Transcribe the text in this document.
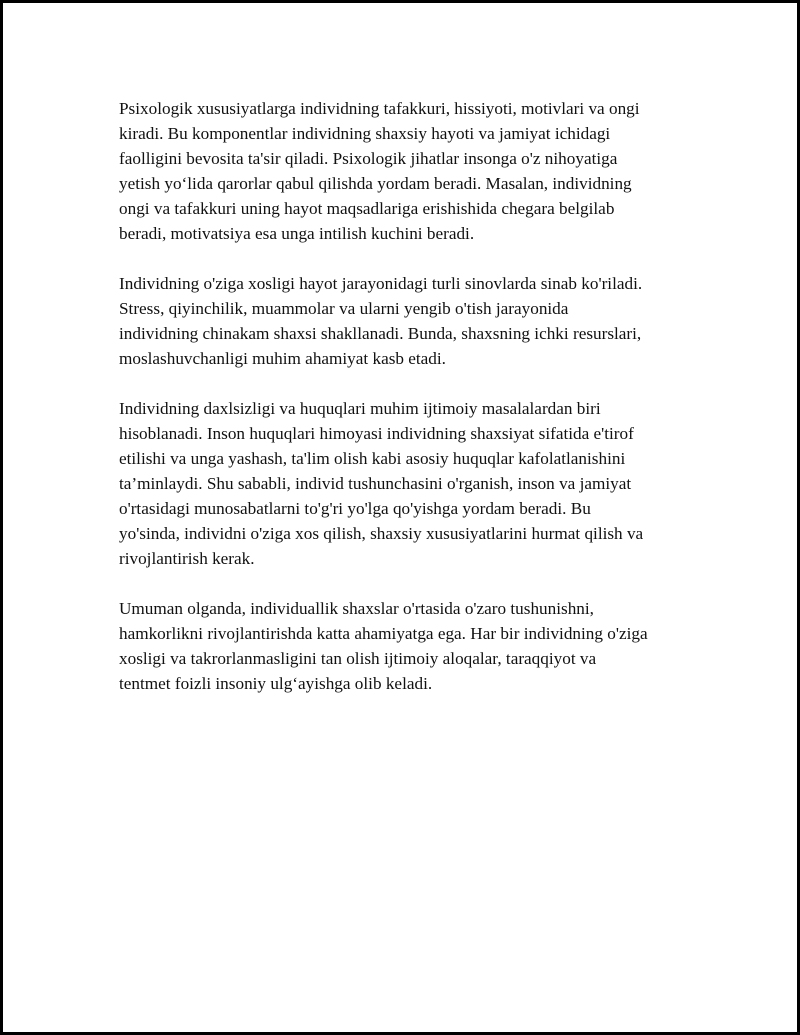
Psixologik xususiyatlarga individning tafakkuri, hissiyoti, motivlari va ongi
kiradi. Bu komponentlar individning shaxsiy hayoti va jamiyat ichidagi
faolligini bevosita ta'sir qiladi. Psixologik jihatlar insonga o'z nihoyatiga
yetish yo‘lida qarorlar qabul qilishda yordam beradi. Masalan, individning
ongi va tafakkuri uning hayot maqsadlariga erishishida chegara belgilab
beradi, motivatsiya esa unga intilish kuchini beradi.

Individning o'ziga xosligi hayot jarayonidagi turli sinovlarda sinab ko'riladi.
Stress, qiyinchilik, muammolar va ularni yengib o'tish jarayonida
individning chinakam shaxsi shakllanadi. Bunda, shaxsning ichki resurslari,
moslashuvchanligi muhim ahamiyat kasb etadi.

Individning daxlsizligi va huquqlari muhim ijtimoiy masalalardan biri
hisoblanadi. Inson huquqlari himoyasi individning shaxsiyat sifatida e'tirof
etilishi va unga yashash, ta'lim olish kabi asosiy huquqlar kafolatlanishini
ta’minlaydi. Shu sababli, individ tushunchasini o'rganish, inson va jamiyat
o'rtasidagi munosabatlarni to'g'ri yo'lga qo'yishga yordam beradi. Bu
yo'sinda, individni o'ziga xos qilish, shaxsiy xususiyatlarini hurmat qilish va
rivojlantirish kerak.

Umuman olganda, individuallik shaxslar o'rtasida o'zaro tushunishni,
hamkorlikni rivojlantirishda katta ahamiyatga ega. Har bir individning o'ziga
xosligi va takrorlanmasligini tan olish ijtimoiy aloqalar, taraqqiyot va
tentmet foizli insoniy ulg‘ayishga olib keladi.
